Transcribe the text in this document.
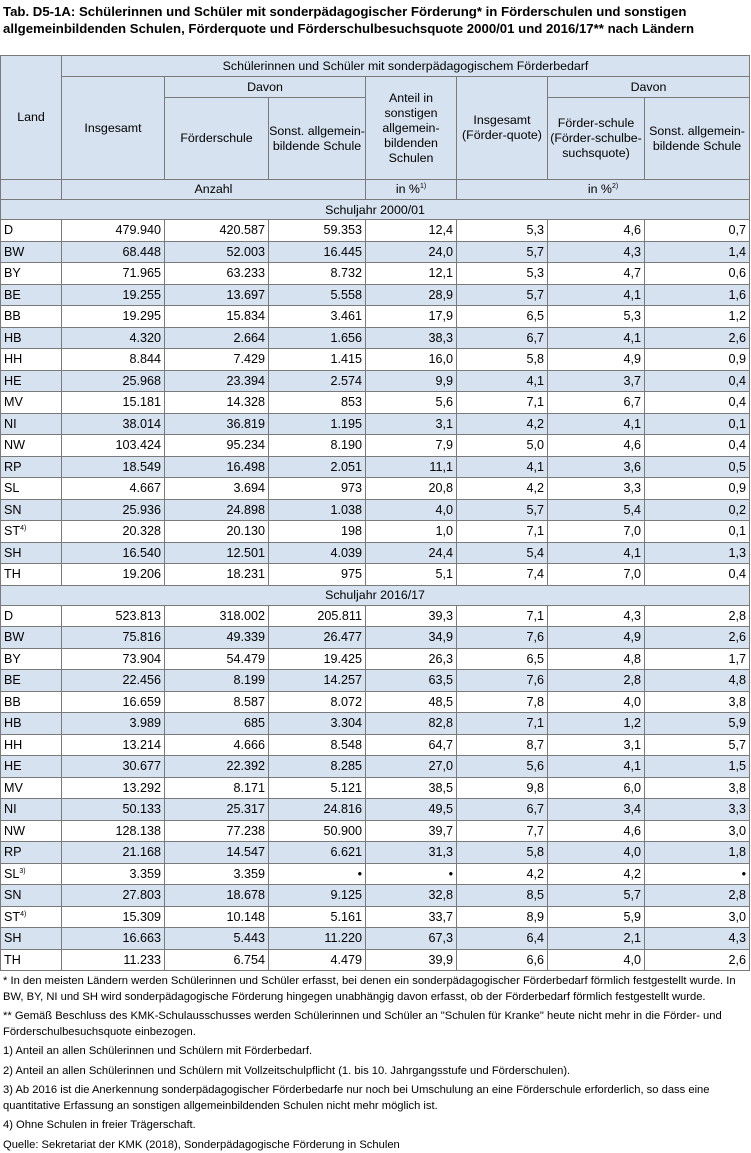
Tab. D5-1A: Schülerinnen und Schüler mit sonderpädagogischer Förderung* in Förderschulen und sonstigen allgemeinbildenden Schulen, Förderquote und Förderschulbesuchsquote 2000/01 und 2016/17** nach Ländern
Land	Schülerinnen und Schüler mit sonderpädagogischem Förderbedarf						
	Insgesamt	Davon		Anteil in sonstigen allgemein-bildenden Schulen	Insgesamt (Förder-quote)	Davon	
		Förderschule	Sonst. allgemein-bildende Schule			Förder-schule (Förder-schulbe-suchsquote)	Sonst. allgemein-bildende Schule
	Anzahl			in %$^{1)}$	in %$^{2)}$
Schuljahr 2000/01							
D	479.940	420.587	59.353	12,4	5,3	4,6	0,7
BW	68.448	52.003	16.445	24,0	5,7	4,3	1,4
BY	71.965	63.233	8.732	12,1	5,3	4,7	0,6
BE	19.255	13.697	5.558	28,9	5,7	4,1	1,6
BB	19.295	15.834	3.461	17,9	6,5	5,3	1,2
HB	4.320	2.664	1.656	38,3	6,7	4,1	2,6
HH	8.844	7.429	1.415	16,0	5,8	4,9	0,9
HE	25.968	23.394	2.574	9,9	4,1	3,7	0,4
MV	15.181	14.328	853	5,6	7,1	6,7	0,4
NI	38.014	36.819	1.195	3,1	4,2	4,1	0,1
NW	103.424	95.234	8.190	7,9	5,0	4,6	0,4
RP	18.549	16.498	2.051	11,1	4,1	3,6	0,5
SL	4.667	3.694	973	20,8	4,2	3,3	0,9
SN	25.936	24.898	1.038	4,0	5,7	5,4	0,2
ST$^{4)}$	20.328	20.130	198	1,0	7,1	7,0	0,1
SH	16.540	12.501	4.039	24,4	5,4	4,1	1,3
TH	19.206	18.231	975	5,1	7,4	7,0	0,4
Schuljahr 2016/17							
D	523.813	318.002	205.811	39,3	7,1	4,3	2,8
BW	75.816	49.339	26.477	34,9	7,6	4,9	2,6
BY	73.904	54.479	19.425	26,3	6,5	4,8	1,7
BE	22.456	8.199	14.257	63,5	7,6	2,8	4,8
BB	16.659	8.587	8.072	48,5	7,8	4,0	3,8
HB	3.989	685	3.304	82,8	7,1	1,2	5,9
HH	13.214	4.666	8.548	64,7	8,7	3,1	5,7
HE	30.677	22.392	8.285	27,0	5,6	4,1	1,5
MV	13.292	8.171	5.121	38,5	9,8	6,0	3,8
NI	50.133	25.317	24.816	49,5	6,7	3,4	3,3
NW	128.138	77.238	50.900	39,7	7,7	4,6	3,0
RP	21.168	14.547	6.621	31,3	5,8	4,0	1,8
SL$^{3)}$	3.359	3.359	•	•	4,2	4,2	•
SN	27.803	18.678	9.125	32,8	8,5	5,7	2,8
ST$^{4)}$	15.309	10.148	5.161	33,7	8,9	5,9	3,0
SH	16.663	5.443	11.220	67,3	6,4	2,1	4,3
TH	11.233	6.754	4.479	39,9	6,6	4,0	2,6

* In den meisten Ländern werden Schülerinnen und Schüler erfasst, bei denen ein sonderpädagogischer Förderbedarf förmlich festgestellt wurde. In BW, BY, NI und SH wird sonderpädagogische Förderung hingegen unabhängig davon erfasst, ob der Förderbedarf förmlich festgestellt wurde.

** Gemäß Beschluss des KMK-Schulausschusses werden Schülerinnen und Schüler an "Schulen für Kranke" heute nicht mehr in die Förder- und Förderschulbesuchsquote einbezogen.

1) Anteil an allen Schülerinnen und Schülern mit Förderbedarf.

2) Anteil an allen Schülerinnen und Schülern mit Vollzeitschulpflicht (1. bis 10. Jahrgangsstufe und Förderschulen).

3) Ab 2016 ist die Anerkennung sonderpädagogischer Förderbedarfe nur noch bei Umschulung an eine Förderschule erforderlich, so dass eine quantitative Erfassung an sonstigen allgemeinbildenden Schulen nicht mehr möglich ist.

4) Ohne Schulen in freier Trägerschaft.

Quelle: Sekretariat der KMK (2018), Sonderpädagogische Förderung in Schulen
